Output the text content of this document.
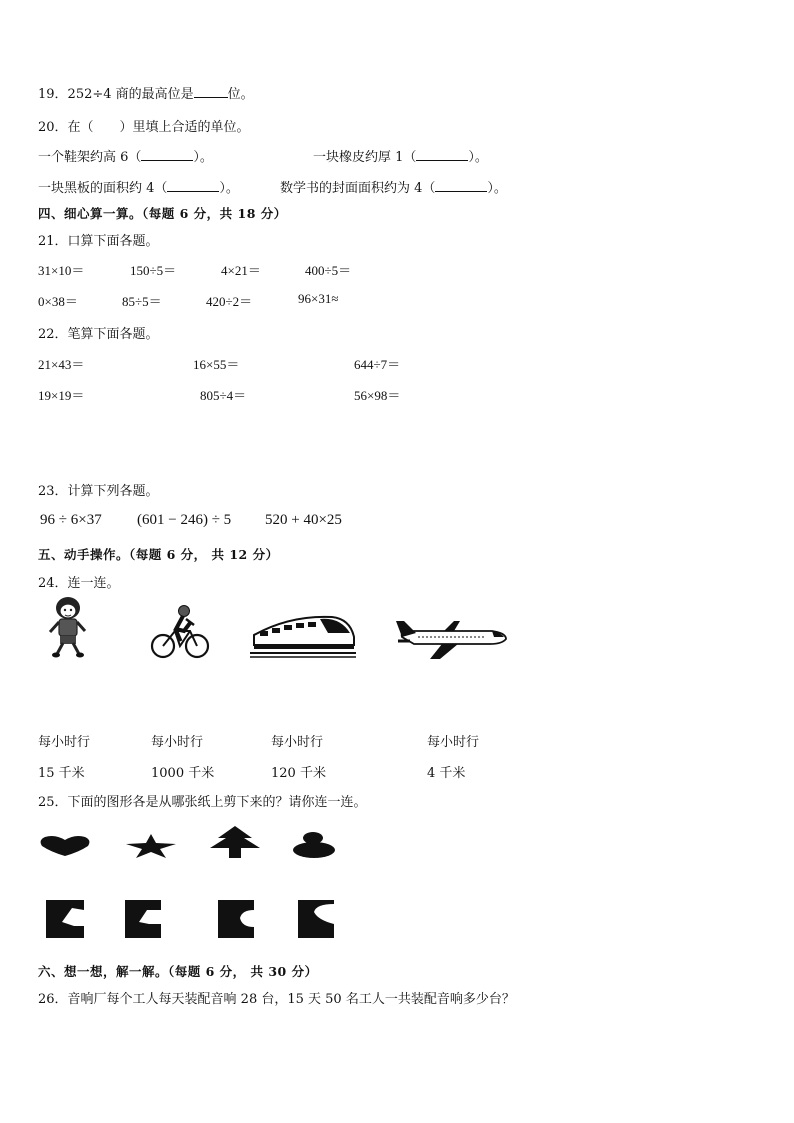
19．252÷4 商的最高位是	位。
20．在（　　）里填上合适的单位。
一个鞋架约高 6（	）。	一块橡皮约厚 1（	）。
一块黑板的面积约 4（	）。	数学书的封面面积约为 4（	）。
四、细心算一算。（每题 6 分，共 18 分）
21．口算下面各题。
31×10＝	150÷5＝	4×21＝	400÷5＝
0×38＝	85÷5＝	420÷2＝	96×31≈
22．笔算下面各题。
21×43＝	16×55＝	644÷7＝
19×19＝	805÷4＝	56×98＝
23．计算下列各题。
96 ÷ 6×37 (601 − 246) ÷ 5 520 + 40×25
五、动手操作。（每题 6 分， 共 12 分）
24．连一连。
每小时行	每小时行	每小时行	每小时行
15 千米	1000 千米	120 千米	4 千米
25．下面的图形各是从哪张纸上剪下来的？请你连一连。
六、想一想，解一解。（每题 6 分， 共 30 分）
26．音响厂每个工人每天装配音响 28 台，15 天 50 名工人一共装配音响多少台？
